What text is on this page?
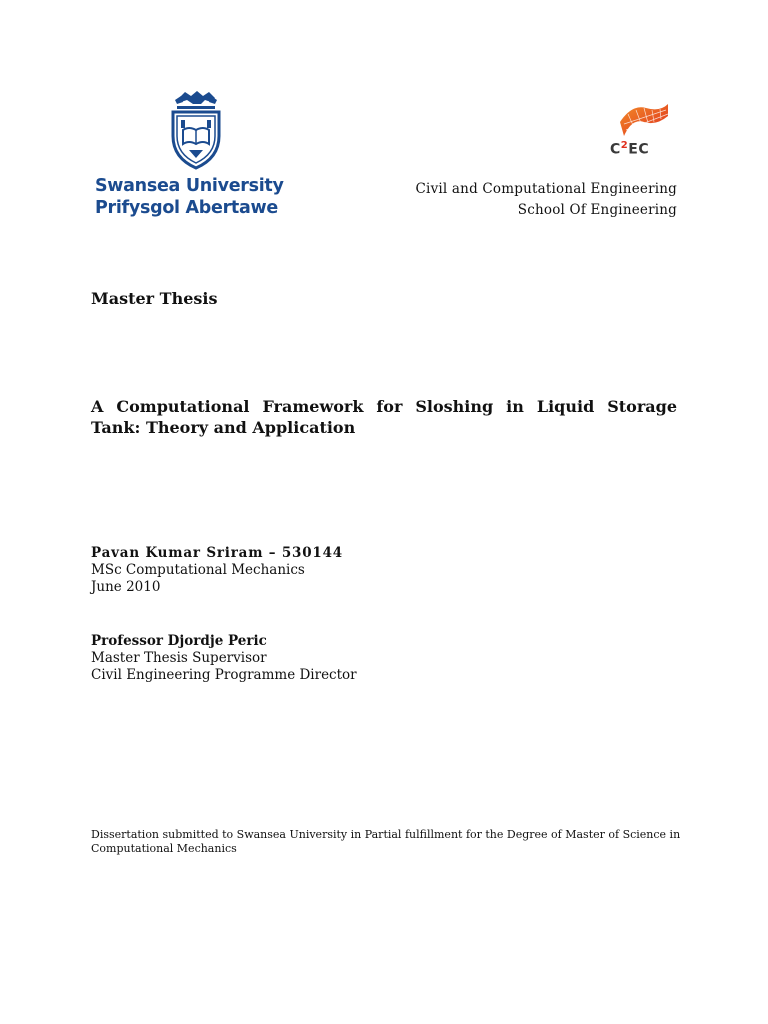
Swansea University
Prifysgol Abertawe
$C^2EC$
Civil and Computational Engineering
School Of Engineering
Master Thesis
A Computational Framework for Sloshing in Liquid Storage Tank: Theory and Application
Pavan Kumar Sriram – 530144
MSc Computational Mechanics
June 2010
Professor Djordje Peric
Master Thesis Supervisor
Civil Engineering Programme Director
Dissertation submitted to Swansea University in Partial fulfillment for the Degree of Master of Science in Computational Mechanics
